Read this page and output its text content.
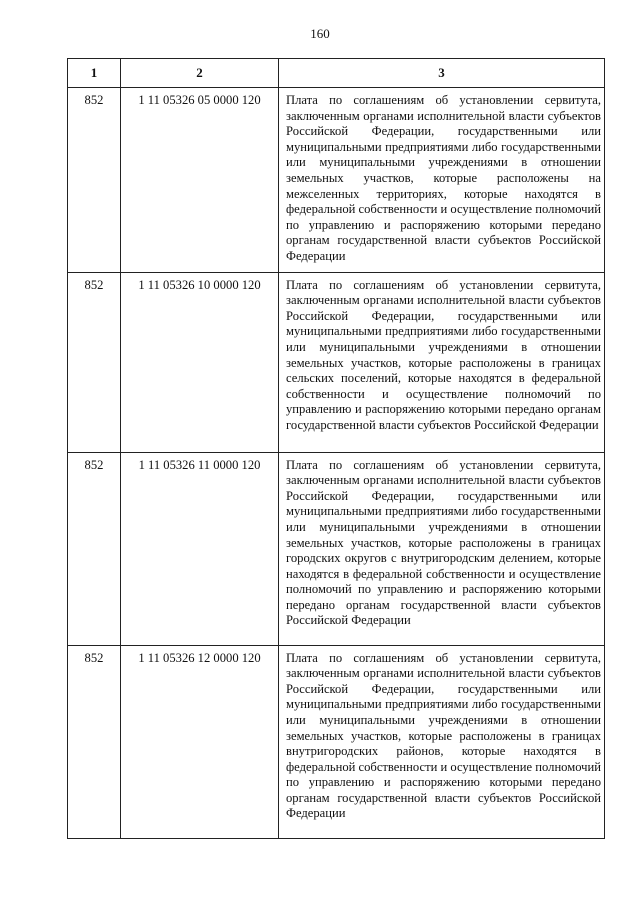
160
1	2	3
852	1 11 05326 05 0000 120	Плата по соглашениям об установлении сервитута, заключенным органами исполнительной власти субъектов Российской Федерации, государственными или муниципальными предприятиями либо государственными или муниципальными учреждениями в отношении земельных участков, которые расположены на межселенных территориях, которые находятся в федеральной собственности и осуществление полномочий по управлению и распоряжению которыми передано органам государственной власти субъектов Российской Федерации

852	1 11 05326 10 0000 120	Плата по соглашениям об установлении сервитута, заключенным органами исполнительной власти субъектов Российской Федерации, государственными или муниципальными предприятиями либо государственными или муниципальными учреждениями в отношении земельных участков, которые расположены в границах сельских поселений, которые находятся в федеральной собственности и осуществление полномочий по управлению и распоряжению которыми передано органам государственной власти субъектов Российской Федерации

852	1 11 05326 11 0000 120	Плата по соглашениям об установлении сервитута, заключенным органами исполнительной власти субъектов Российской Федерации, государственными или муниципальными предприятиями либо государственными или муниципальными учреждениями в отношении земельных участков, которые расположены в границах городских округов с внутригородским делением, которые находятся в федеральной собственности и осуществление полномочий по управлению и распоряжению которыми передано органам государственной власти субъектов Российской Федерации

852	1 11 05326 12 0000 120	Плата по соглашениям об установлении сервитута, заключенным органами исполнительной власти субъектов Российской Федерации, государственными или муниципальными предприятиями либо государственными или муниципальными учреждениями в отношении земельных участков, которые расположены в границах внутригородских районов, которые находятся в федеральной собственности и осуществление полномочий по управлению и распоряжению которыми передано органам государственной власти субъектов Российской Федерации
